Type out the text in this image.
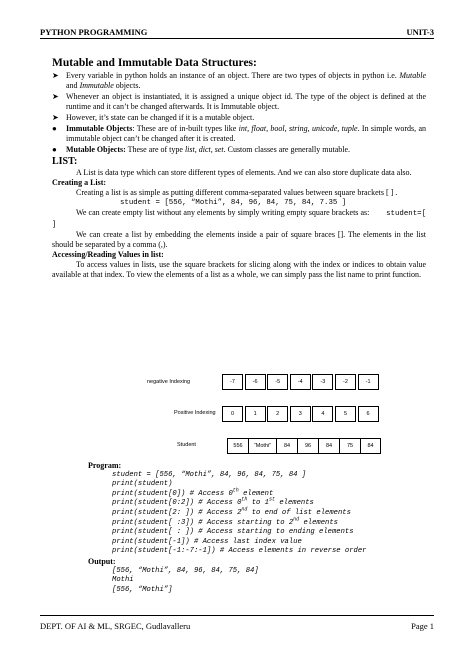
PYTHON PROGRAMMING	UNIT-3
Mutable and Immutable Data Structures:
➤ Every variable in python holds an instance of an object. There are two types of objects in python i.e. Mutable and Immutable objects.
➤ Whenever an object is instantiated, it is assigned a unique object id. The type of the object is defined at the runtime and it can’t be changed afterwards. It is Immutable object.
➤ However, it’s state can be changed if it is a mutable object.
●	Immutable Objects: These are of in-built types like int, float, bool, string, unicode, tuple. In simple words, an immutable object can’t be changed after it is created.
●	Mutable Objects: These are of type list, dict, set. Custom classes are generally mutable.
LIST:

A List is data type which can store different types of elements. And we can also store duplicate data also.

Creating a List:

Creating a list is as simple as putting different comma-separated values between square brackets [ ] .

student = [556, “Mothi”, 84, 96, 84, 75, 84, 7.35 ]

We can create empty list without any elements by simply writing empty square brackets as: student=[ ]

We can create a list by embedding the elements inside a pair of square braces []. The elements in the list should be separated by a comma (,).

Accessing/Reading Values in list:

To access values in lists, use the square brackets for slicing along with the index or indices to obtain value available at that index. To view the elements of a list as a whole, we can simply pass the list name to print function.

negative Indexing	-7	-6	-5	-4	-3	-2	-1
Positive Indexing	0	1	2	3	4	5	6
Student	556	“Mothi”	84	96	84	75	84
Program:
student = [556, “Mothi”, 84, 96, 84, 75, 84 ]
print(student)
print(student[0]) # Access 0th element
print(student[0:2]) # Access 0th to 1st elements
print(student[2: ]) # Access 2nd to end of list elements
print(student[ :3]) # Access starting to 2nd elements
print(student[ : ]) # Access starting to ending elements
print(student[-1]) # Access last index value
print(student[-1:-7:-1]) # Access elements in reverse order
Output:
[556, “Mothi”, 84, 96, 84, 75, 84]
Mothi
[556, “Mothi”]
DEPT. OF AI & ML, SRGEC, Gudlavalleru	Page 1
